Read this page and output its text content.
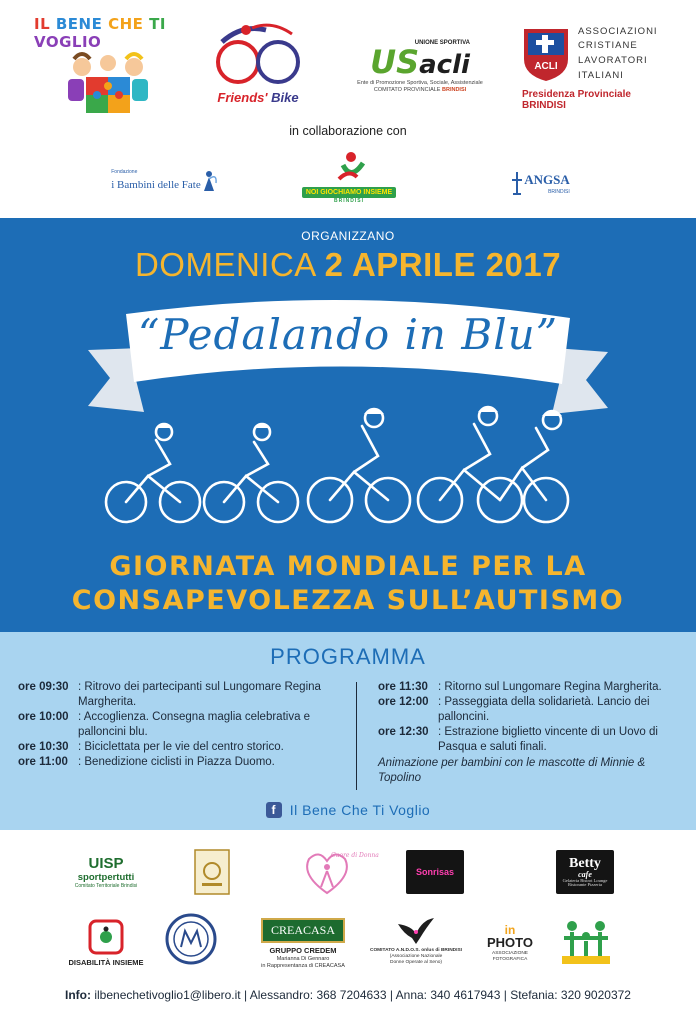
IL BENE CHE TI VOGLIO
Friends' Bike
UNIONE SPORTIVA
USacli
Ente di Promozione Sportiva, Sociale, Assistenziale
COMITATO PROVINCIALE BRINDISI
ACLI
ASSOCIAZIONI
CRISTIANE
LAVORATORI
ITALIANI
Presidenza Provinciale BRINDISI
in collaborazione con
Fondazione
i Bambini delle Fate
NOI GIOCHIAMO INSIEME
BRINDISI
ANGSA
BRINDISI
ORGANIZZANO
DOMENICA 2 APRILE 2017
“Pedalando in Blu”
GIORNATA MONDIALE PER LA
CONSAPEVOLEZZA SULL’AUTISMO
PROGRAMMA
ore 09:30 : Ritrovo dei partecipanti sul Lungomare Regina Margherita.
ore 10:00 : Accoglienza. Consegna maglia celebrativa e palloncini blu.
ore 10:30 : Biciclettata per le vie del centro storico.
ore 11:00 : Benedizione ciclisti in Piazza Duomo.
ore 11:30 : Ritorno sul Lungomare Regina Margherita.
ore 12:00 : Passeggiata della solidarietà. Lancio dei palloncini.
ore 12:30 : Estrazione biglietto vincente di un Uovo di Pasqua e saluti finali.
Animazione per bambini con le mascotte di Minnie & Topolino
f Il Bene Che Ti Voglio
UISP
sportpertutti
Comitato Territoriale Brindisi
Cuore di Donna
Sonrisas
Betty
cafe
Gelateria Bistrot Lounge Ristorante Pizzeria
DISABILITÀ INSIEME
CREACASA
GRUPPO CREDEM
Marianna Di Gennaro
in Rappresentanza di CREACASA
COMITATO A.N.D.O.S. onlus di BRINDISI
(Associazione Nazionale
Donne Operate al Seno)
in
PHOTO
ASSOCIAZIONE FOTOGRAFICA
Info: ilbenechetivoglio1@libero.it | Alessandro: 368 7204633 | Anna: 340 4617943 | Stefania: 320 9020372
